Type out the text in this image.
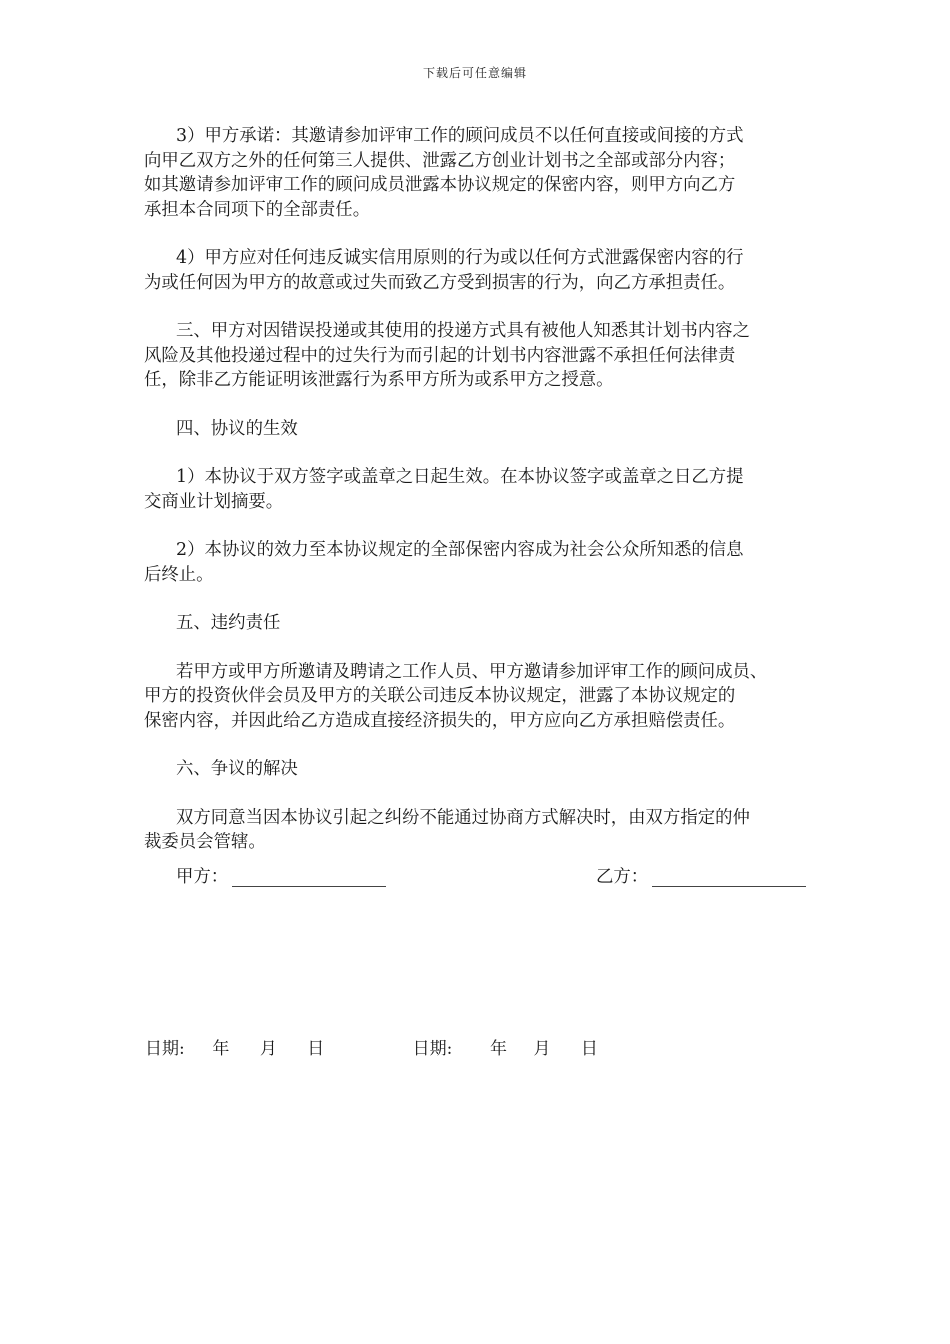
下载后可任意编辑

3）甲方承诺：其邀请参加评审工作的顾问成员不以任何直接或间接的方式
向甲乙双方之外的任何第三人提供、泄露乙方创业计划书之全部或部分内容；
如其邀请参加评审工作的顾问成员泄露本协议规定的保密内容，则甲方向乙方
承担本合同项下的全部责任。

4）甲方应对任何违反诚实信用原则的行为或以任何方式泄露保密内容的行
为或任何因为甲方的故意或过失而致乙方受到损害的行为，向乙方承担责任。

三、甲方对因错误投递或其使用的投递方式具有被他人知悉其计划书内容之
风险及其他投递过程中的过失行为而引起的计划书内容泄露不承担任何法律责
任，除非乙方能证明该泄露行为系甲方所为或系甲方之授意。

四、协议的生效

1）本协议于双方签字或盖章之日起生效。在本协议签字或盖章之日乙方提
交商业计划摘要。

2）本协议的效力至本协议规定的全部保密内容成为社会公众所知悉的信息
后终止。

五、违约责任

若甲方或甲方所邀请及聘请之工作人员、甲方邀请参加评审工作的顾问成员、
甲方的投资伙伴会员及甲方的关联公司违反本协议规定，泄露了本协议规定的
保密内容，并因此给乙方造成直接经济损失的，甲方应向乙方承担赔偿责任。

六、争议的解决

双方同意当因本协议引起之纠纷不能通过协商方式解决时，由双方指定的仲
裁委员会管辖。

甲方：	乙方：
日期: 年 月 日	日期: 年 月 日
